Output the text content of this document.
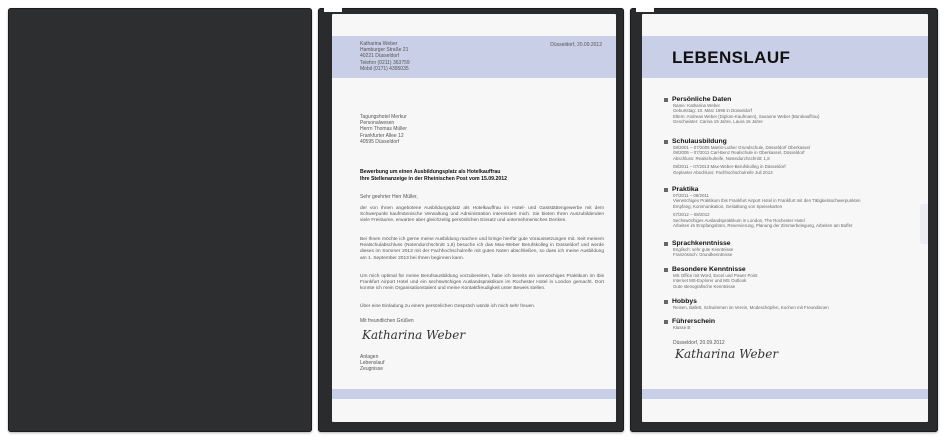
Katharina Weber
Hamburger Straße 21
40221 Düsseldorf
Telefon (0211) 363759
Mobil (0171) 4395035
Düsseldorf, 20.09.2012
Tagungshotel Merkur
Personalwesen
Herrn Thomas Müller
Frankfurter Allee 12
40595 Düsseldorf
Bewerbung um einen Ausbildungsplatz als Hotelkauffrau
Ihre Stellenanzeige in der Rheinischen Post vom 15.09.2012
Sehr geehrter Herr Müller,
der von Ihnen angebotene Ausbildungsplatz als Hotelkauffrau im Hotel- und Gaststättengewerbe mit dem Schwerpunkt kaufmännische Verwaltung und Administration interessiert mich. Sie bieten Ihren Auszubildenden viele Freiräume, erwarten aber gleichzeitig persönlichen Einsatz und unternehmerisches Denken.
Bei Ihnen möchte ich gerne meine Ausbildung machen und bringe hierfür gute Voraussetzungen mit. Seit meinem Realschulabschluss (Notendurchschnitt 1,8) besuche ich das Max-Weber Berufskolleg in Düsseldorf und werde dieses im Sommer 2013 mit der Fachhochschulreife mit guten Noten abschließen, so dass ich meine Ausbildung am 1. September 2013 bei Ihnen beginnen kann.
Um mich optimal für meine Berufsausbildung vorzubereiten, habe ich bereits ein vierwöchiges Praktikum im Ibis Frankfurt Airport Hotel und ein sechswöchiges Auslandspraktikum im Rochester Hotel in London gemacht. Dort konnte ich mein Organisationstalent und meine Kontaktfreudigkeit unter Beweis stellen.
Über eine Einladung zu einem persönlichen Gespräch würde ich mich sehr freuen.
Mit freundlichen Grüßen
Katharina Weber
Anlagen
Lebenslauf
Zeugnisse
LEBENSLAUF
Persönliche Daten
Name: Katharina Weber
Geburtstag: 10. März 1995 in Düsseldorf
Eltern: Andreas Weber (Diplom-Kaufmann), Susanne Weber (Bürokauffrau)
Geschwister: Carina 19 Jahre, Laura 16 Jahre
Schulausbildung
08/2001 – 07/2005 Martin-Luther Grundschule, Düsseldorf Oberkassel
08/2005 – 07/2011 Carl-Benz Realschule in Oberkassel, Düsseldorf
Abschluss: Realschulreife, Notendurchschnitt: 1,8
08/2011 – 07/2013 Max-Weber-Berufskolleg in Düsseldorf
Geplanter Abschluss: Fachhochschulreife Juli 2013
Praktika
07/2011 – 08/2011
Vierwöchiges Praktikum Ibis Frankfurt Airport Hotel in Frankfurt mit den Tätigkeitsschwerpunkten
Empfang, Kommunikation, Gestaltung von Speisekarten
07/2012 – 08/2012
Sechswöchiges Auslandspraktikum in London, The Rochester Hotel
Arbeiten im Empfangsbüro, Reservierung, Planung der Zimmerbelegung, Arbeiten am Buffet
Sprachkenntnisse
Englisch: sehr gute Kenntnisse
Französisch: Grundkenntnisse
Besondere Kenntnisse
MS Office mit Word, Excel und Power Point
Internet MS-Explorer und MS Outlook
Gute stenografische Kenntnisse
Hobbys
Reisen, Ballett, Schwimmen im Verein, Modeschöpfen, Kochen mit Freundinnen
Führerschein
Klasse B
Düsseldorf, 20.09.2012
Katharina Weber
